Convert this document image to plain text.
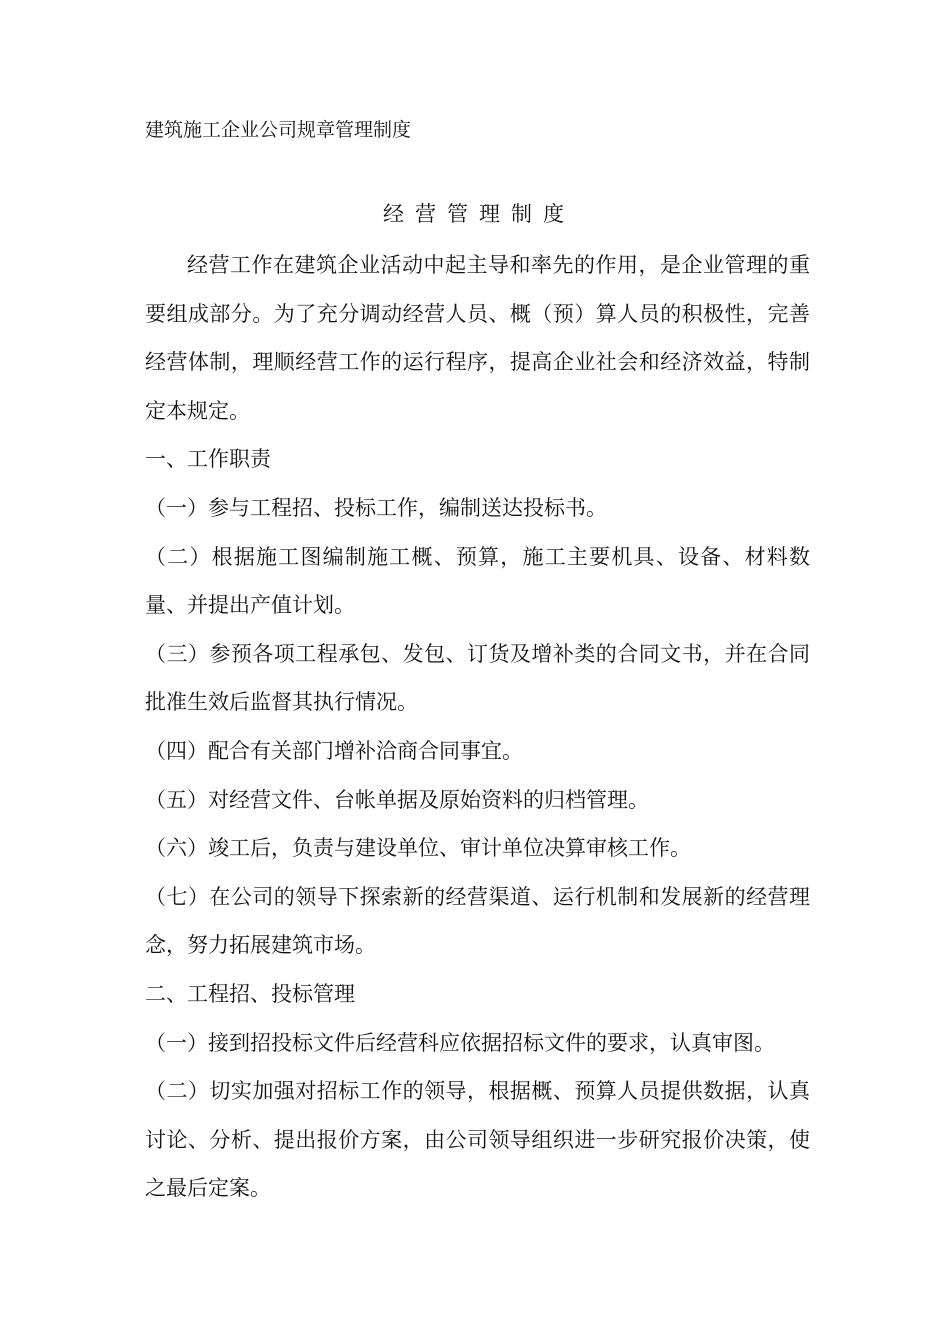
建筑施工企业公司规章管理制度
经营管理制度

经营工作在建筑企业活动中起主导和率先的作用，是企业管理的重要组成部分。为了充分调动经营人员、概（预）算人员的积极性，完善经营体制，理顺经营工作的运行程序，提高企业社会和经济效益，特制定本规定。

一、工作职责

（一）参与工程招、投标工作，编制送达投标书。

（二）根据施工图编制施工概、预算，施工主要机具、设备、材料数量、并提出产值计划。

（三）参预各项工程承包、发包、订货及增补类的合同文书，并在合同批准生效后监督其执行情况。

（四）配合有关部门增补洽商合同事宜。

（五）对经营文件、台帐单据及原始资料的归档管理。

（六）竣工后，负责与建设单位、审计单位决算审核工作。

（七）在公司的领导下探索新的经营渠道、运行机制和发展新的经营理念，努力拓展建筑市场。

二、工程招、投标管理

（一）接到招投标文件后经营科应依据招标文件的要求，认真审图。

（二）切实加强对招标工作的领导，根据概、预算人员提供数据，认真讨论、分析、提出报价方案，由公司领导组织进一步研究报价决策，使之最后定案。
